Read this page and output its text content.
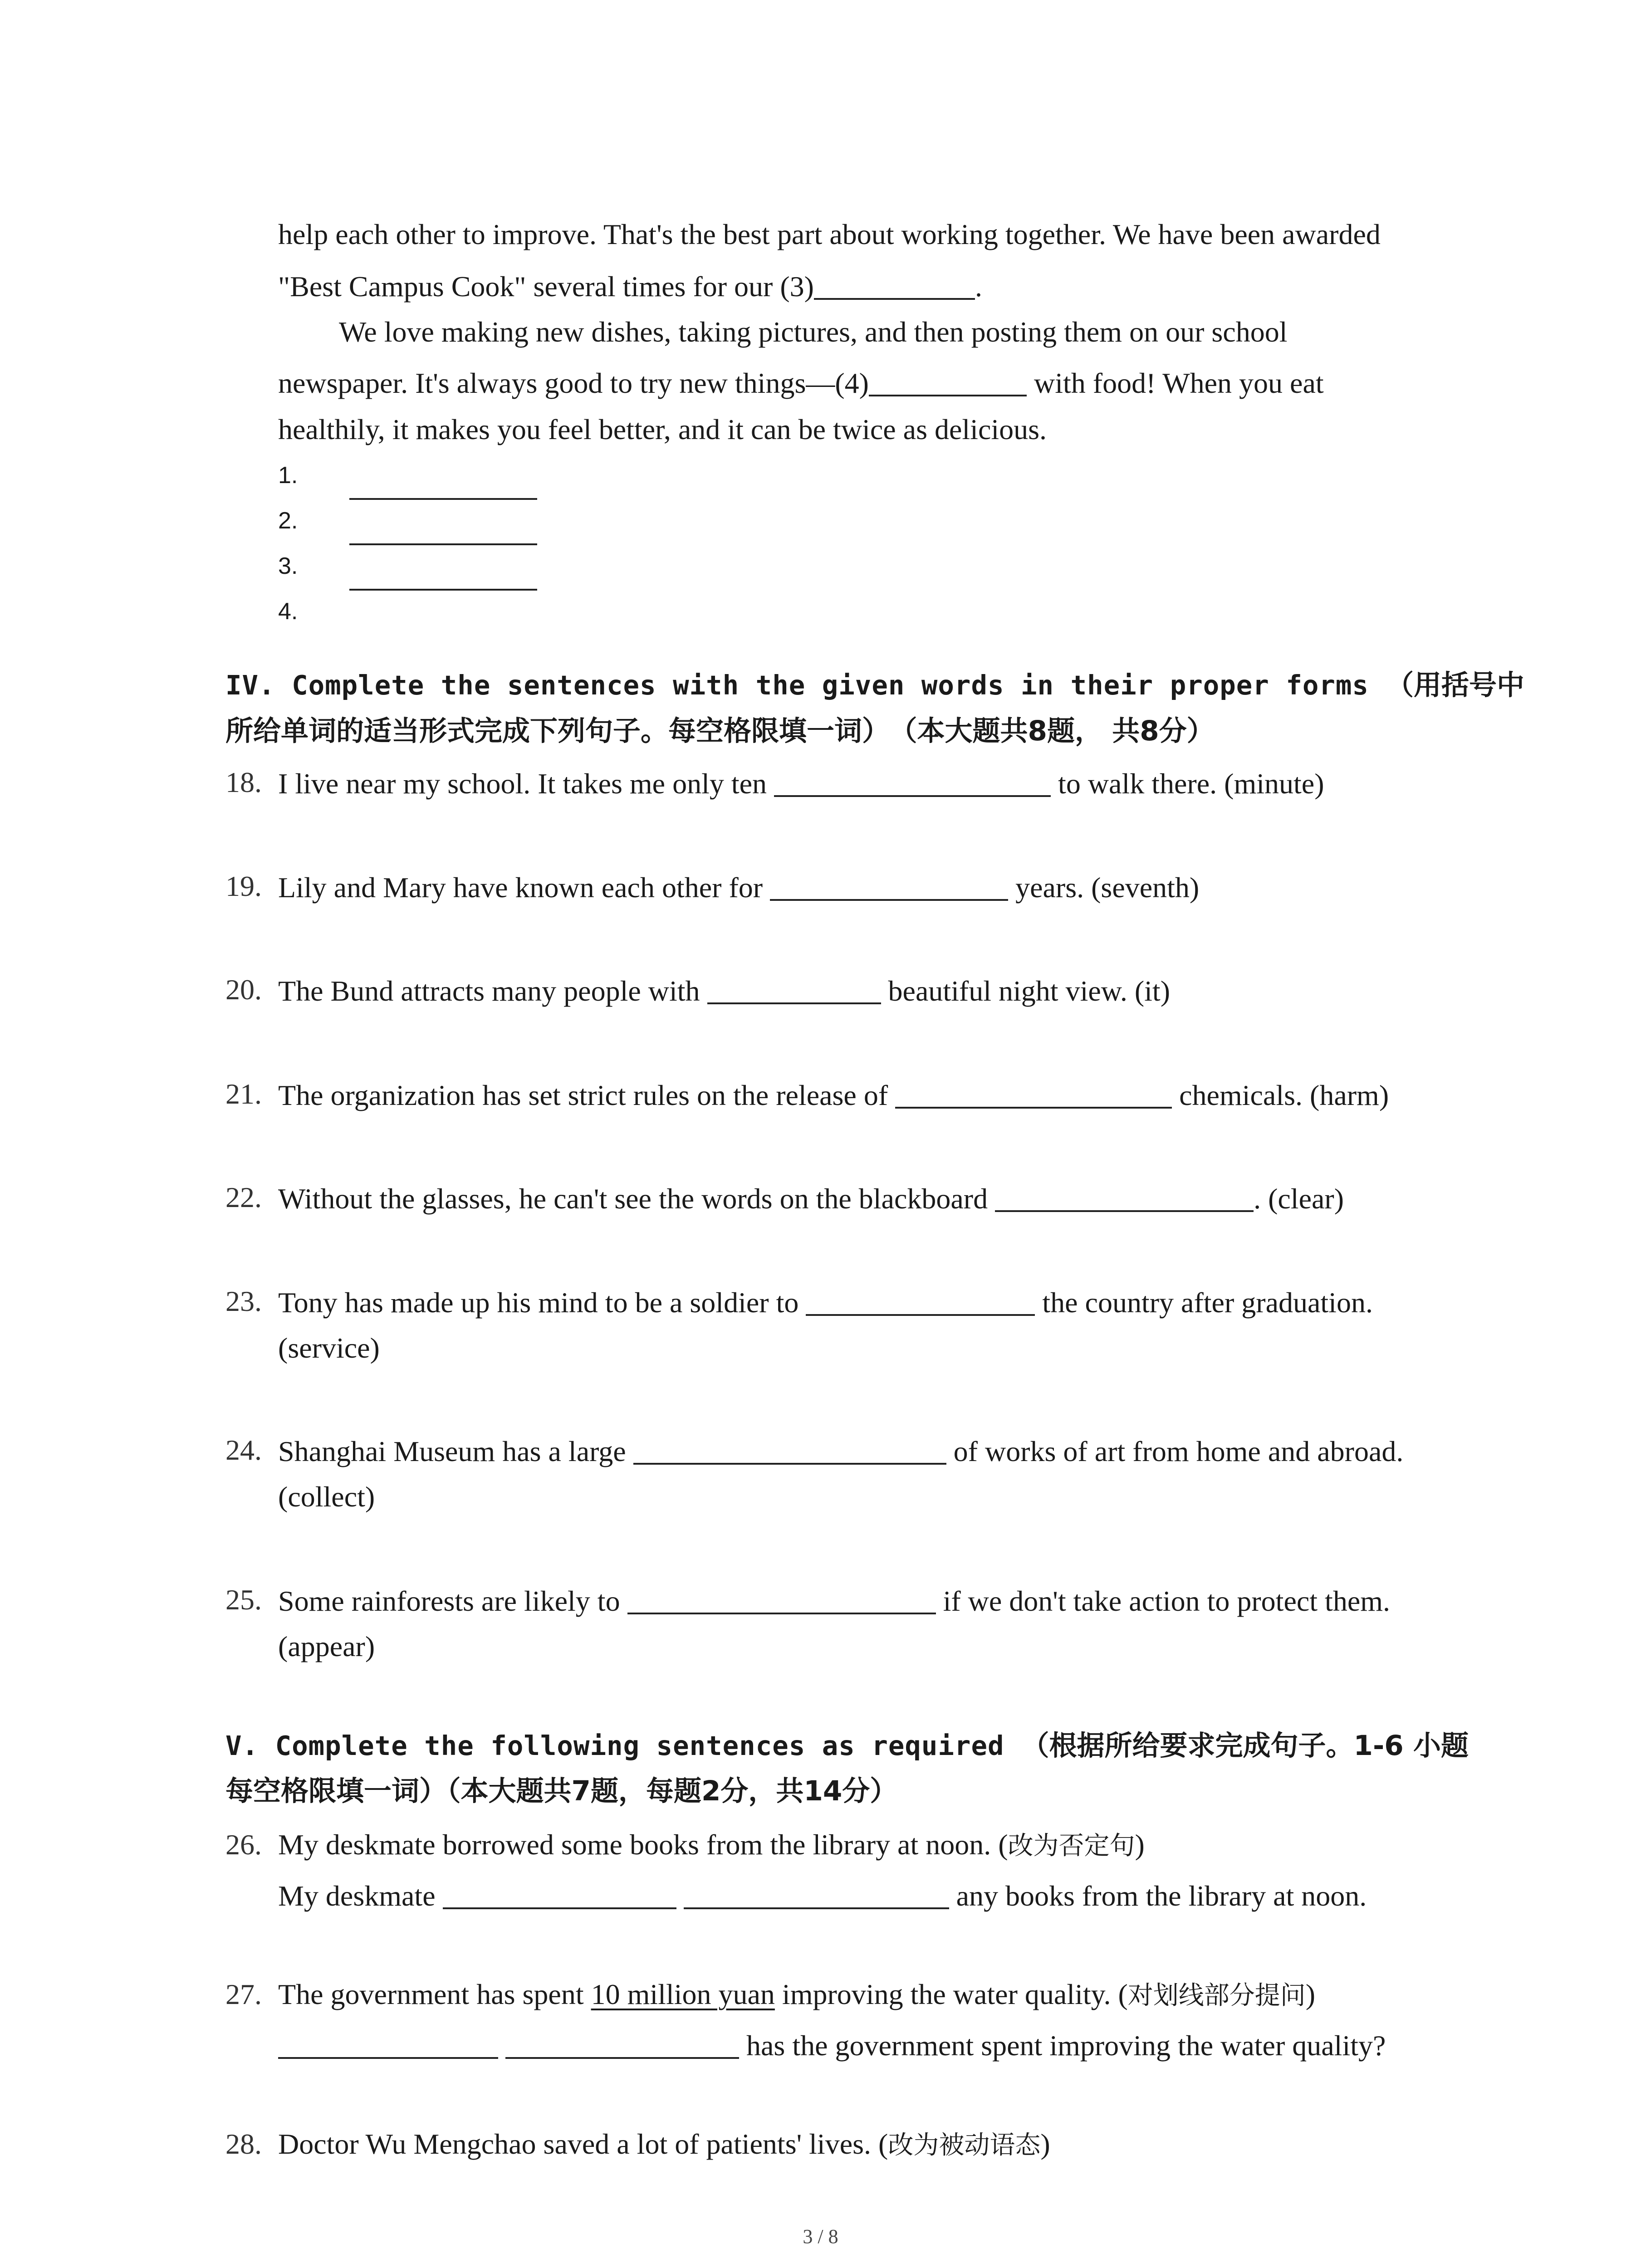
help each other to improve. That's the best part about working together. We have been awarded
"Best Campus Cook" several times for our (3)	.
We love making new dishes, taking pictures, and then posting them on our school
newspaper. It's always good to try new things—(4)	with food! When you eat
healthily, it makes you feel better, and it can be twice as delicious.
1.
2.
3.
4.
IV. Complete the sentences with the given words in their proper forms （用括号中
所给单词的适当形式完成下列句子。每空格限填一词） （本大题共8题， 共8分）
18. I live near my school. It takes me only ten	to walk there. (minute)
19. Lily and Mary have known each other for	years. (seventh)
20. The Bund attracts many people with	beautiful night view. (it)
21. The organization has set strict rules on the release of	chemicals. (harm)
22. Without the glasses, he can't see the words on the blackboard	. (clear)
23. Tony has made up his mind to be a soldier to	the country after graduation.
(service)
24. Shanghai Museum has a large	of works of art from home and abroad.
(collect)
25. Some rainforests are likely to	if we don't take action to protect them.
(appear)
V. Complete the following sentences as required （根据所给要求完成句子。1-6 小题
每空格限填一词）（本大题共7题，每题2分，共14分）
26. My deskmate borrowed some books from the library at noon. (改为否定句)
My deskmate	any books from the library at noon.
27. The government has spent 10 million yuan improving the water quality. (对划线部分提问)
has the government spent improving the water quality?
28. Doctor Wu Mengchao saved a lot of patients' lives. (改为被动语态)
3 / 8
